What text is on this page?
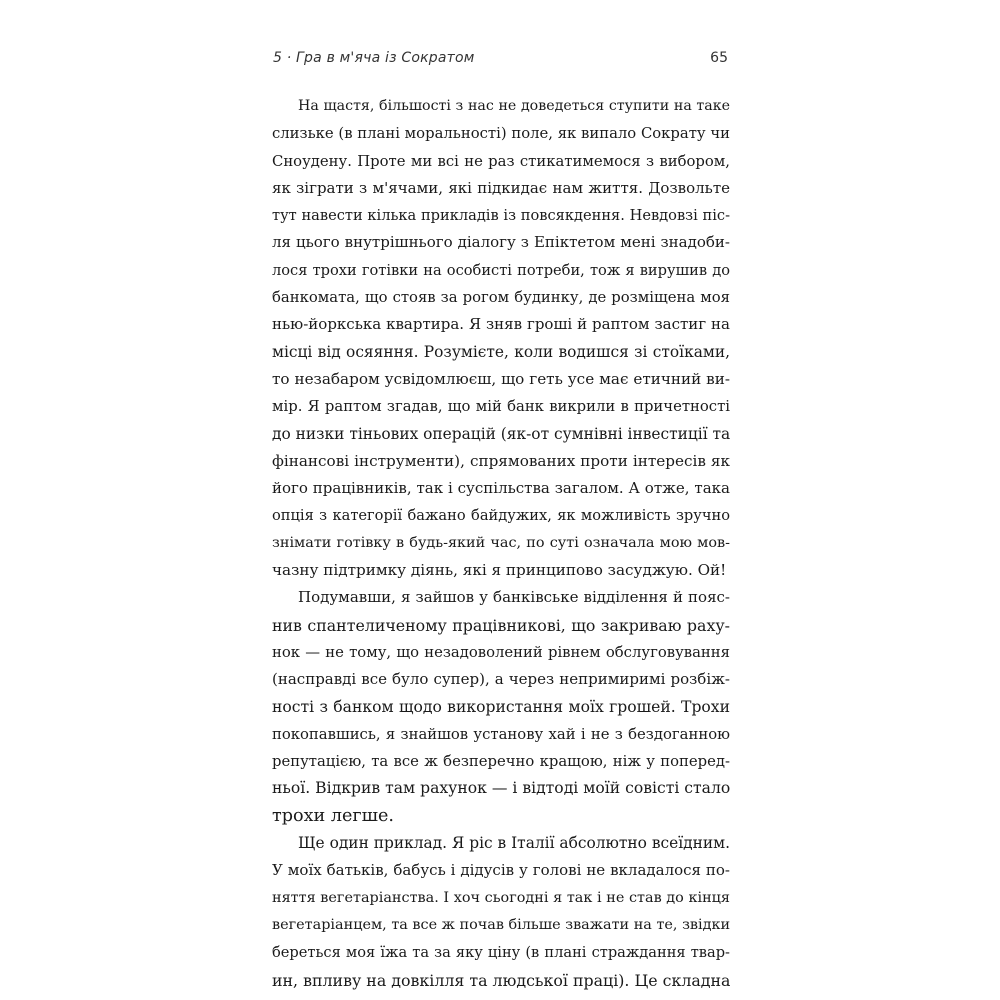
5 · Гра в м'яча із Сократом	65
На щастя, більшості з нас не доведеться ступити на таке
слизьке (в плані моральності) поле, як випало Сократу чи
Сноудену. Проте ми всі не раз стикатимемося з вибором,
як зіграти з м'ячами, які підкидає нам життя. Дозвольте
тут навести кілька прикладів із повсякдення. Невдовзі піс-
ля цього внутрішнього діалогу з Епіктетом мені знадоби-
лося трохи готівки на особисті потреби, тож я вирушив до
банкомата, що стояв за рогом будинку, де розміщена моя
нью-йоркська квартира. Я зняв гроші й раптом застиг на
місці від осяяння. Розумієте, коли водишся зі стоїками,
то незабаром усвідомлюєш, що геть усе має етичний ви-
мір. Я раптом згадав, що мій банк викрили в причетності
до низки тіньових операцій (як-от сумнівні інвестиції та
фінансові інструменти), спрямованих проти інтересів як
його працівників, так і суспільства загалом. А отже, така
опція з категорії бажано байдужих, як можливість зручно
знімати готівку в будь-який час, по суті означала мою мов-
чазну підтримку діянь, які я принципово засуджую. Ой!
Подумавши, я зайшов у банківське відділення й пояс-
нив спантеличеному працівникові, що закриваю раху-
нок — не тому, що незадоволений рівнем обслуговування
(насправді все було супер), а через непримиримі розбіж-
ності з банком щодо використання моїх грошей. Трохи
покопавшись, я знайшов установу хай і не з бездоганною
репутацією, та все ж безперечно кращою, ніж у поперед-
ньої. Відкрив там рахунок — і відтоді моїй совісті стало
трохи легше.
Ще один приклад. Я ріс в Італії абсолютно всеїдним.
У моїх батьків, бабусь і дідусів у голові не вкладалося по-
няття вегетаріанства. І хоч сьогодні я так і не став до кінця
вегетаріанцем, та все ж почав більше зважати на те, звідки
береться моя їжа та за яку ціну (в плані страждання твар-
ин, впливу на довкілля та людської праці). Це складна
